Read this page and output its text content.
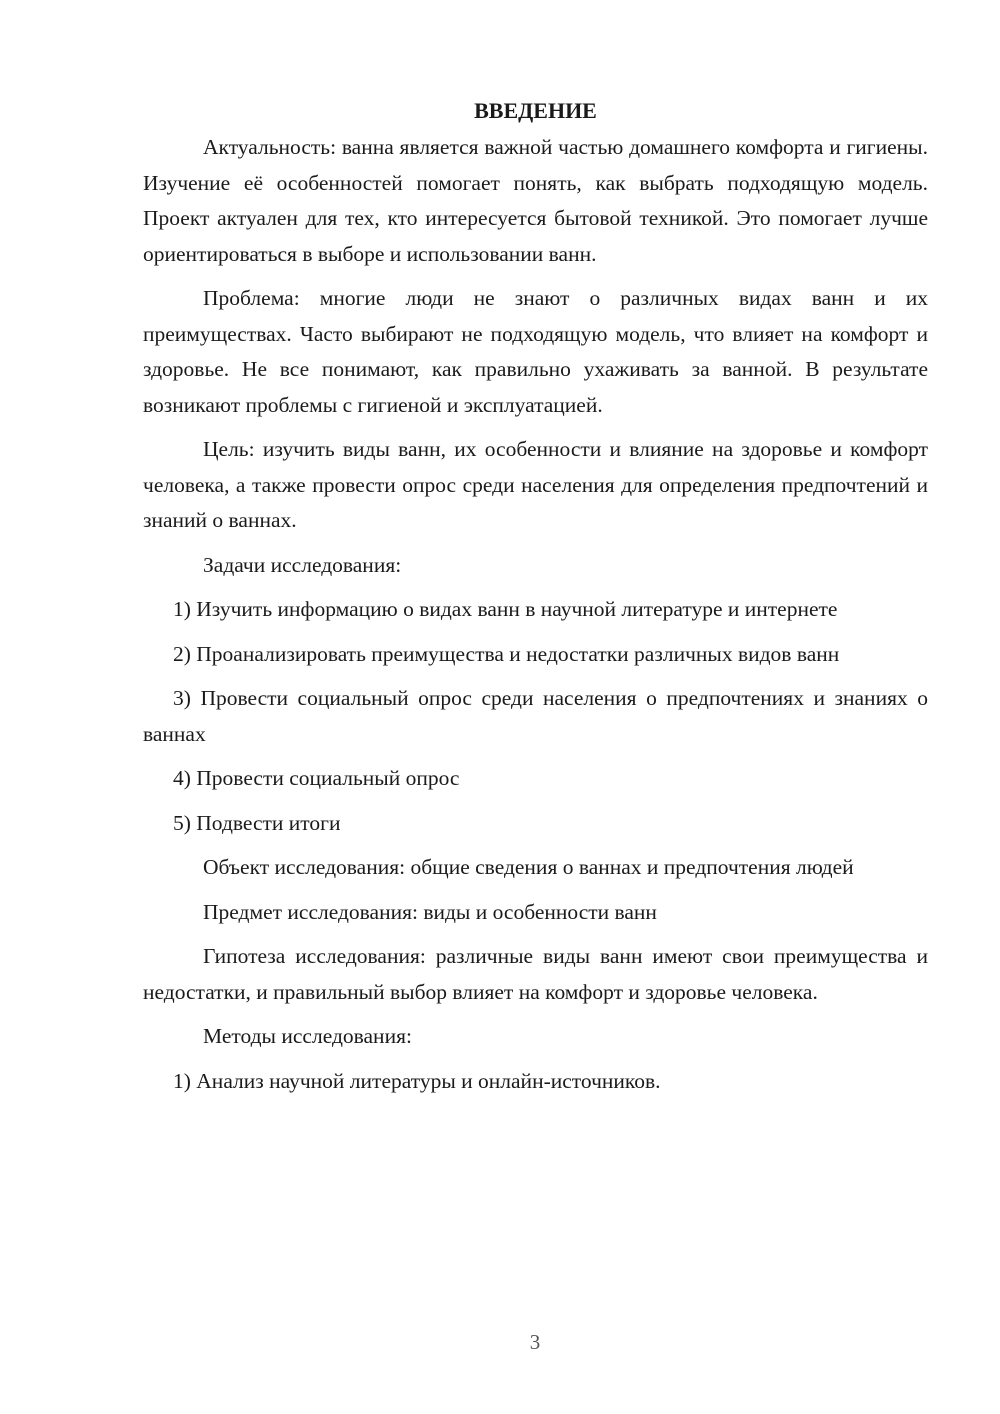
ВВЕДЕНИЕ

Актуальность: ванна является важной частью домашнего комфорта и гигиены. Изучение её особенностей помогает понять, как выбрать подходящую модель. Проект актуален для тех, кто интересуется бытовой техникой. Это помогает лучше ориентироваться в выборе и использовании ванн.

Проблема: многие люди не знают о различных видах ванн и их преимуществах. Часто выбирают не подходящую модель, что влияет на комфорт и здоровье. Не все понимают, как правильно ухаживать за ванной. В результате возникают проблемы с гигиеной и эксплуатацией.

Цель: изучить виды ванн, их особенности и влияние на здоровье и комфорт человека, а также провести опрос среди населения для определения предпочтений и знаний о ваннах.

Задачи исследования:

1) Изучить информацию о видах ванн в научной литературе и интернете

2) Проанализировать преимущества и недостатки различных видов ванн

3) Провести социальный опрос среди населения о предпочтениях и знаниях о ваннах

4) Провести социальный опрос

5) Подвести итоги

Объект исследования: общие сведения о ваннах и предпочтения людей

Предмет исследования: виды и особенности ванн

Гипотеза исследования: различные виды ванн имеют свои преимущества и недостатки, и правильный выбор влияет на комфорт и здоровье человека.

Методы исследования:

1) Анализ научной литературы и онлайн-источников.

3
